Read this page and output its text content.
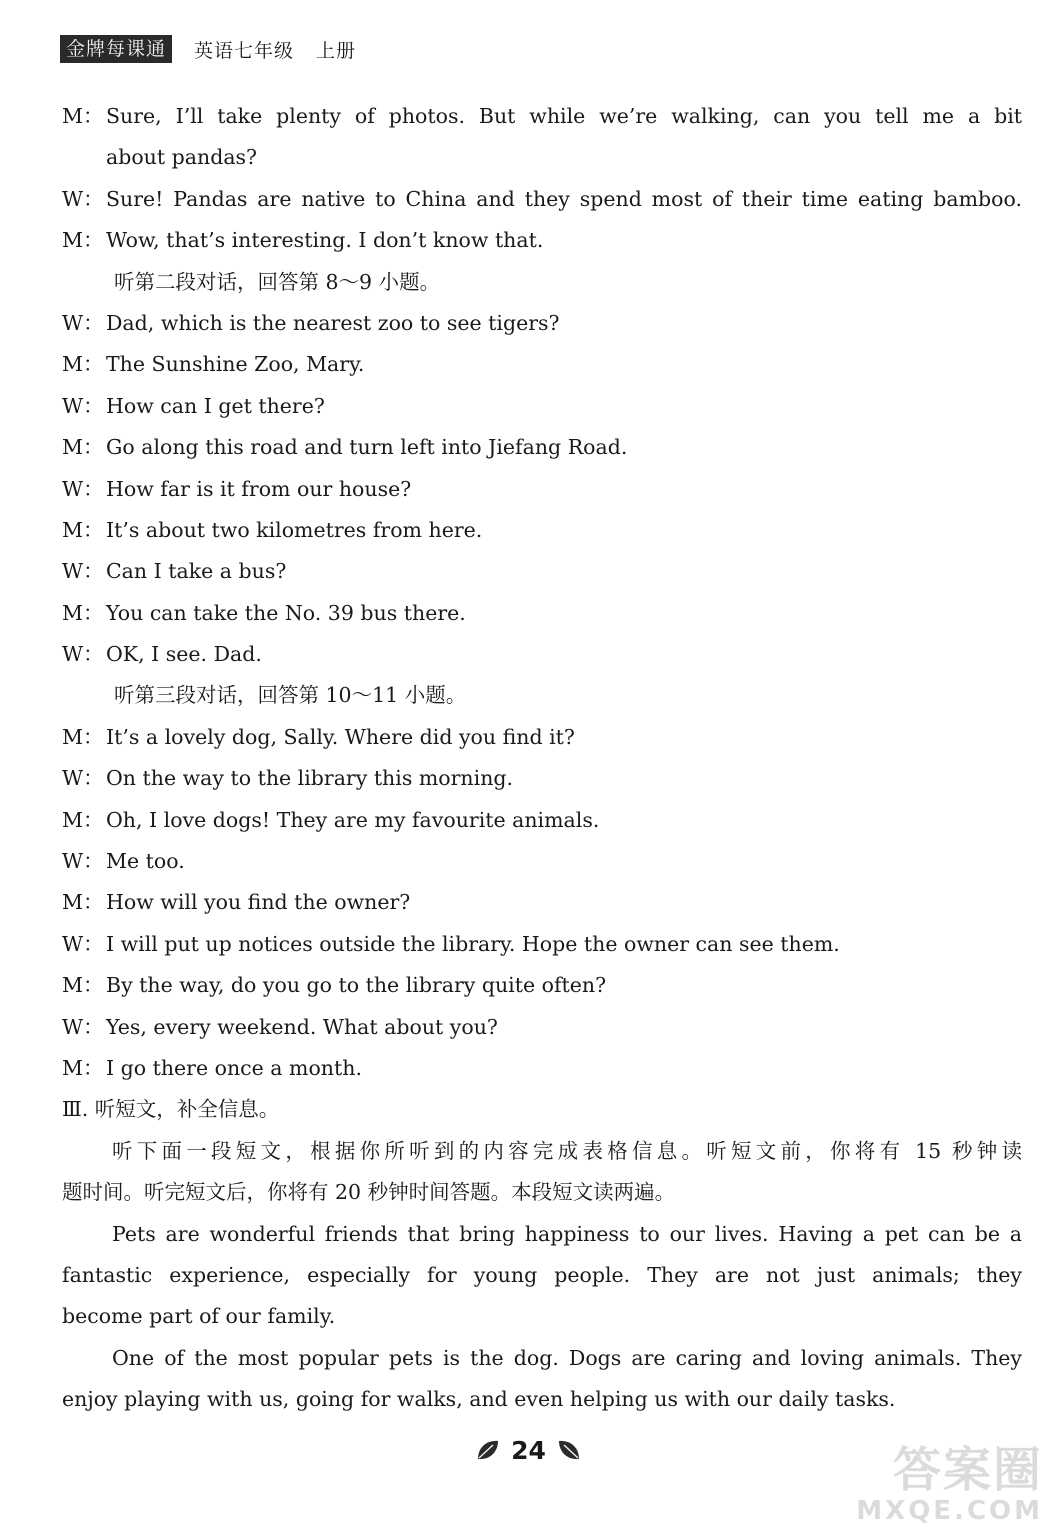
金牌每课通	英语七年级 上册
M： Sure, I’ll take plenty of photos. But while we’re walking, can you tell me a bit
about pandas?
W： Sure! Pandas are native to China and they spend most of their time eating bamboo.
M： Wow, that’s interesting. I don’t know that.
听第二段对话，回答第 8～9 小题。
W： Dad, which is the nearest zoo to see tigers?
M： The Sunshine Zoo, Mary.
W： How can I get there?
M： Go along this road and turn left into Jiefang Road.
W： How far is it from our house?
M： It’s about two kilometres from here.
W： Can I take a bus?
M： You can take the No. 39 bus there.
W： OK, I see. Dad.
听第三段对话，回答第 10～11 小题。
M： It’s a lovely dog, Sally. Where did you find it?
W： On the way to the library this morning.
M： Oh, I love dogs! They are my favourite animals.
W： Me too.
M： How will you find the owner?
W： I will put up notices outside the library. Hope the owner can see them.
M： By the way, do you go to the library quite often?
W： Yes, every weekend. What about you?
M： I go there once a month.
Ⅲ. 听短文，补全信息。
听下面一段短文，根据你所听到的内容完成表格信息。听短文前，你将有 15 秒钟读
题时间。听完短文后，你将有 20 秒钟时间答题。本段短文读两遍。
Pets are wonderful friends that bring happiness to our lives. Having a pet can be a
fantastic experience, especially for young people. They are not just animals; they
become part of our family.
One of the most popular pets is the dog. Dogs are caring and loving animals. They
enjoy playing with us, going for walks, and even helping us with our daily tasks.
24	答案圈
MXQE.COM
